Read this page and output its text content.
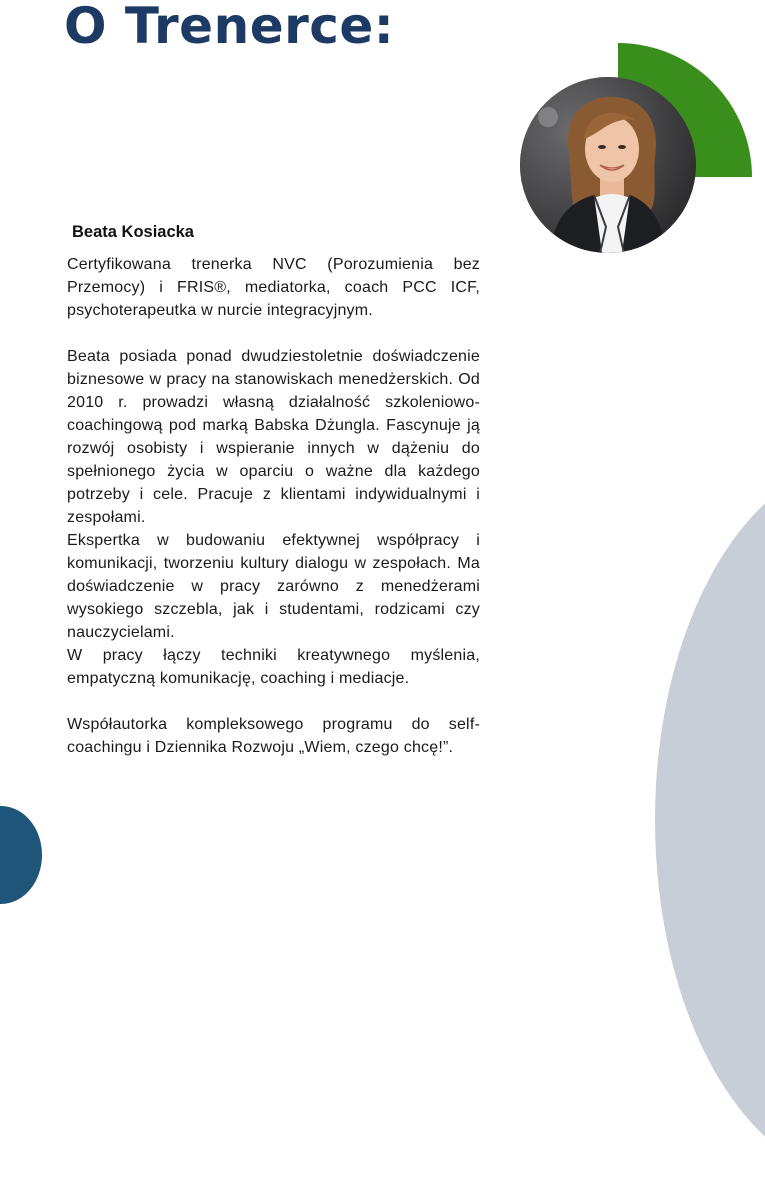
O Trenerce:
Beata Kosiacka

Certyfikowana trenerka NVC (Porozumienia bez Przemocy) i FRIS®, mediatorka, coach PCC ICF, psychoterapeutka w nurcie integracyjnym.

Beata posiada ponad dwudziestoletnie doświadczenie biznesowe w pracy na stanowiskach menedżerskich. Od 2010 r. prowadzi własną działalność szkoleniowo-coachingową pod marką Babska Dżungla. Fascynuje ją rozwój osobisty i wspieranie innych w dążeniu do spełnionego życia w oparciu o ważne dla każdego potrzeby i cele. Pracuje z klientami indywidualnymi i zespołami.

Ekspertka w budowaniu efektywnej współpracy i komunikacji, tworzeniu kultury dialogu w zespołach. Ma doświadczenie w pracy zarówno z menedżerami wysokiego szczebla, jak i studentami, rodzicami czy nauczycielami.

W pracy łączy techniki kreatywnego myślenia, empatyczną komunikację, coaching i mediacje.

Współautorka kompleksowego programu do self-coachingu i Dziennika Rozwoju „Wiem, czego chcę!”.
